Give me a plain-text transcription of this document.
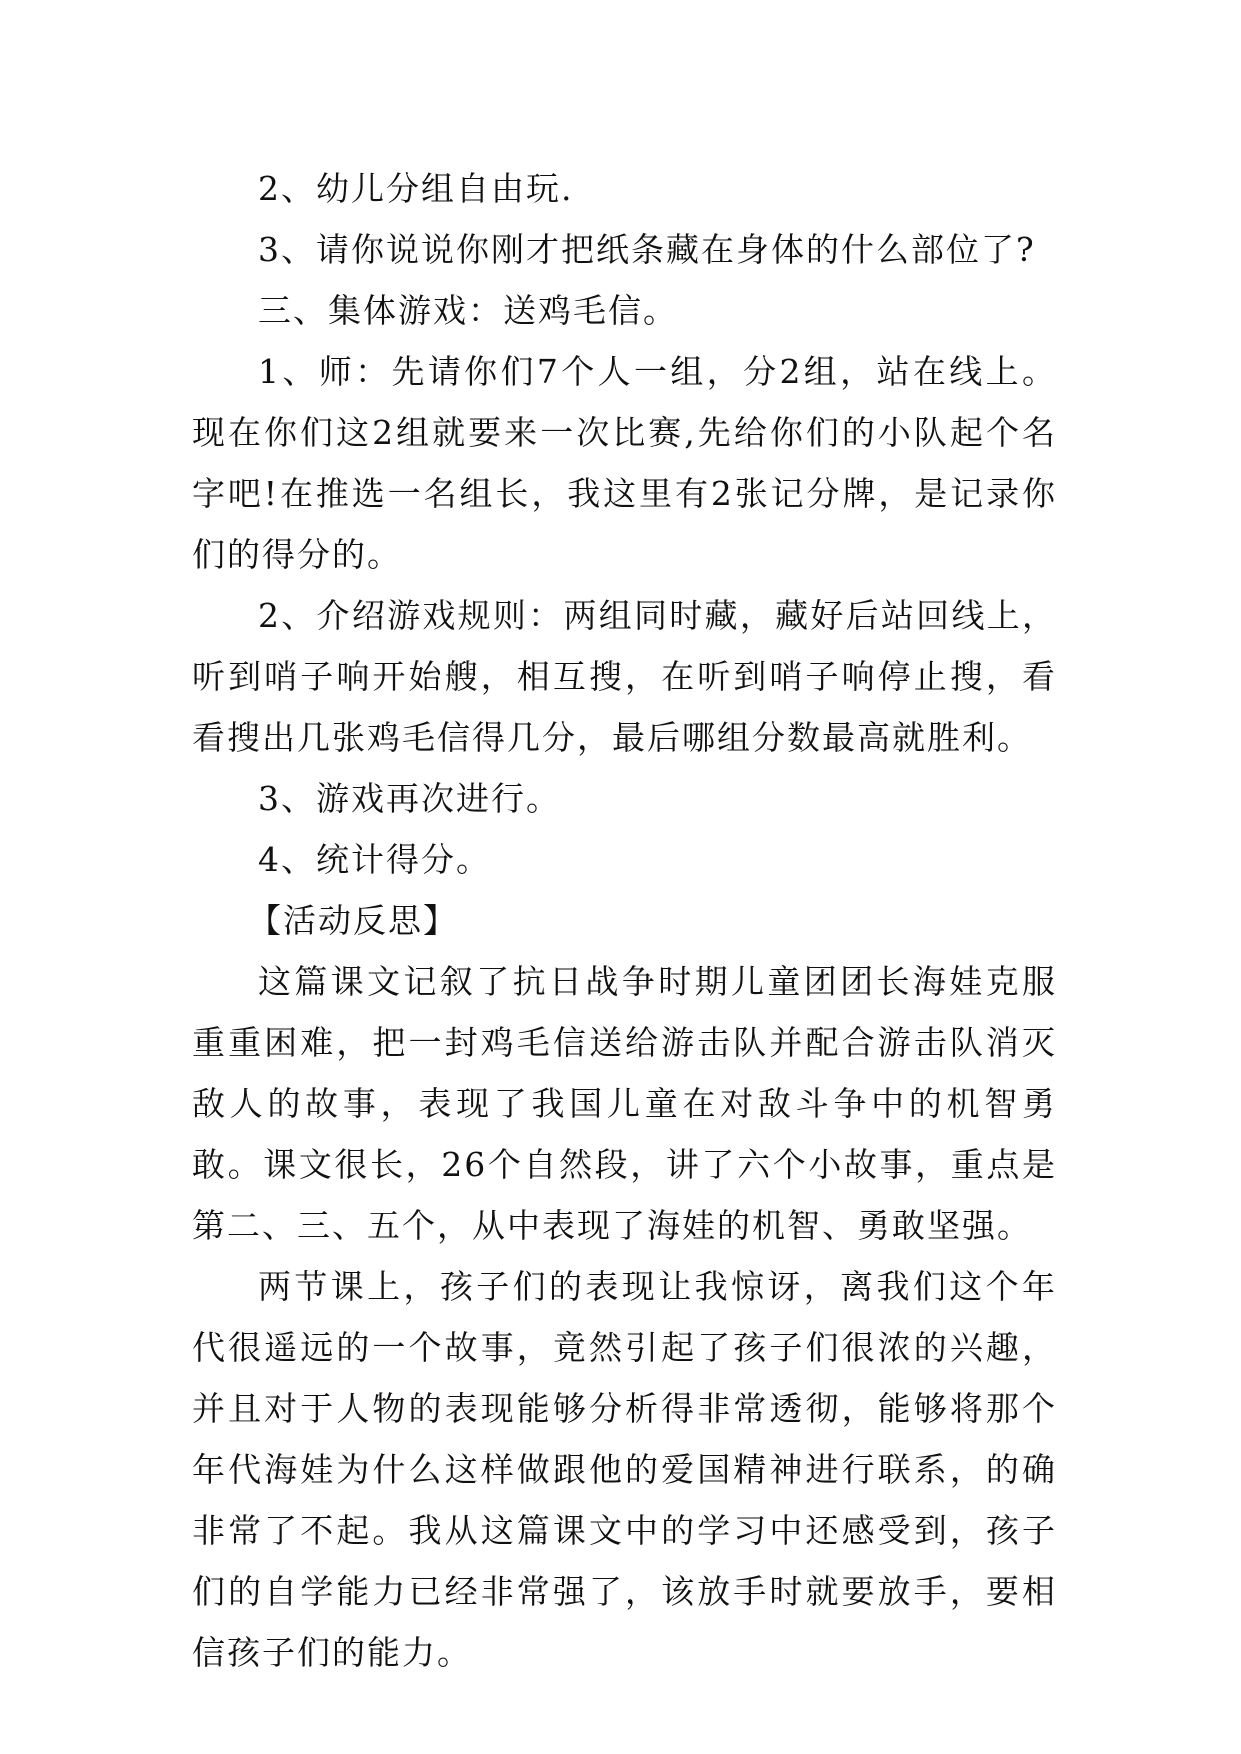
2、幼儿分组自由玩.

3、请你说说你刚才把纸条藏在身体的什么部位了?

三、集体游戏：送鸡毛信。

1、师：先请你们7个人一组，分2组，站在线上。现在你们这2组就要来一次比赛,先给你们的小队起个名字吧!在推选一名组长，我这里有2张记分牌，是记录你们的得分的。

2、介绍游戏规则：两组同时藏，藏好后站回线上，听到哨子响开始艘，相互搜，在听到哨子响停止搜，看看搜出几张鸡毛信得几分，最后哪组分数最高就胜利。

3、游戏再次进行。

4、统计得分。

【活动反思】

这篇课文记叙了抗日战争时期儿童团团长海娃克服重重困难，把一封鸡毛信送给游击队并配合游击队消灭敌人的故事，表现了我国儿童在对敌斗争中的机智勇敢。课文很长，26个自然段，讲了六个小故事，重点是第二、三、五个，从中表现了海娃的机智、勇敢坚强。

两节课上，孩子们的表现让我惊讶，离我们这个年代很遥远的一个故事，竟然引起了孩子们很浓的兴趣，并且对于人物的表现能够分析得非常透彻，能够将那个年代海娃为什么这样做跟他的爱国精神进行联系，的确非常了不起。我从这篇课文中的学习中还感受到，孩子们的自学能力已经非常强了，该放手时就要放手，要相信孩子们的能力。
